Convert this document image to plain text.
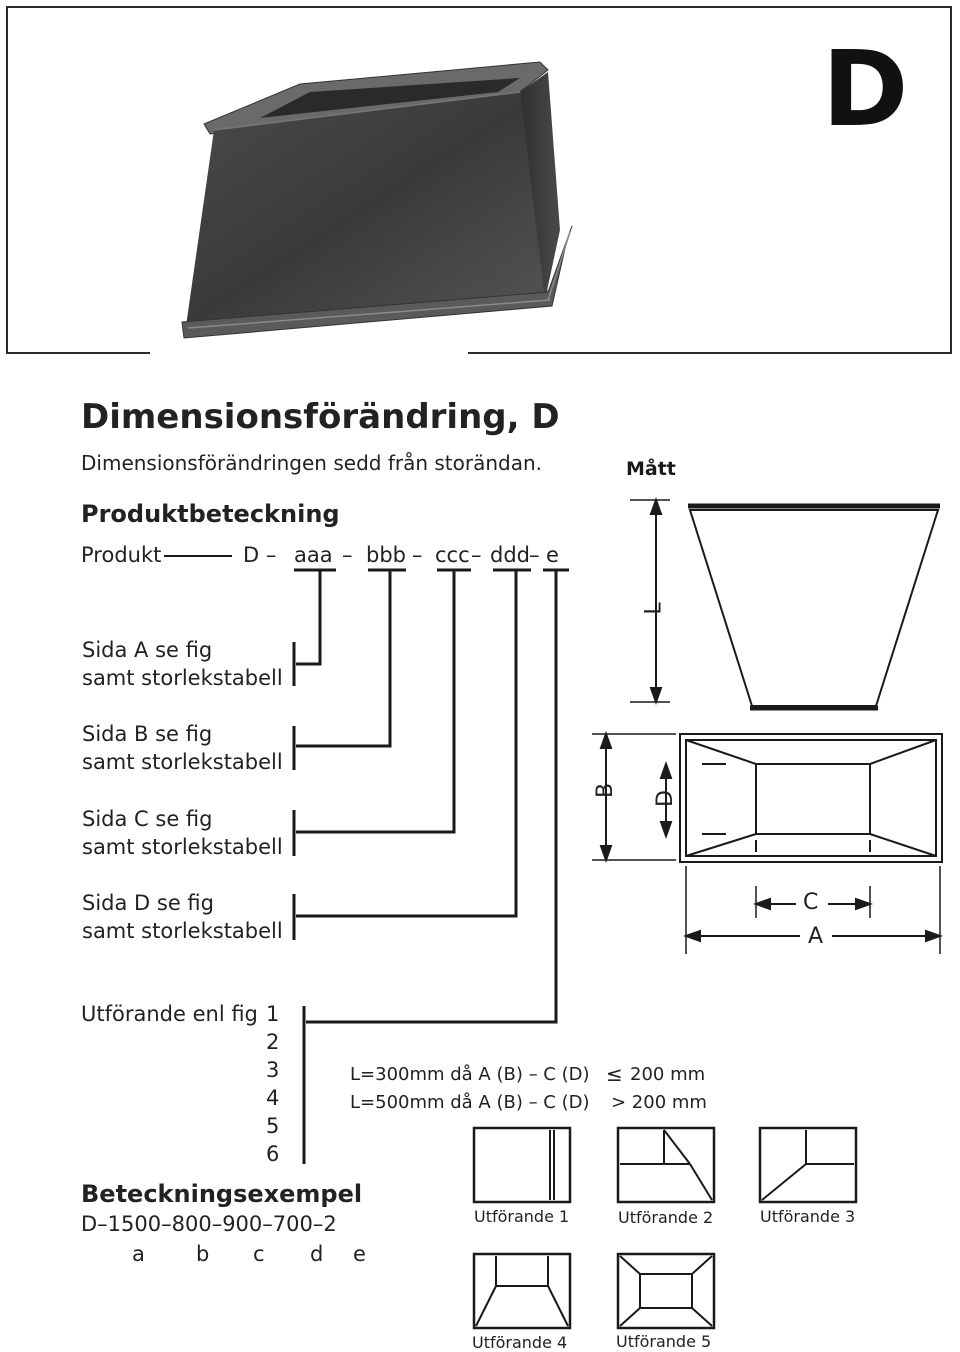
D
Dimensionsförändring, D
Dimensionsförändringen sedd från storändan.	Mått
Produktbeteckning
Produkt	D – aaa – bbb – ccc – ddd – e
Sida A se fig
samt storlekstabell
Sida B se fig
samt storlekstabell
Sida C se fig
samt storlekstabell
Sida D se fig
samt storlekstabell
Utförande enl fig 1
2
3
4
5
6
L=300mm då A (B) – C (D) ≤ 200 mm
L=500mm då A (B) – C (D) > 200 mm
Beteckningsexempel
D–1500–800–900–700–2
a b c d e
L
B D
C
A
Utförande 1	Utförande 2	Utförande 3
Utförande 4	Utförande 5
